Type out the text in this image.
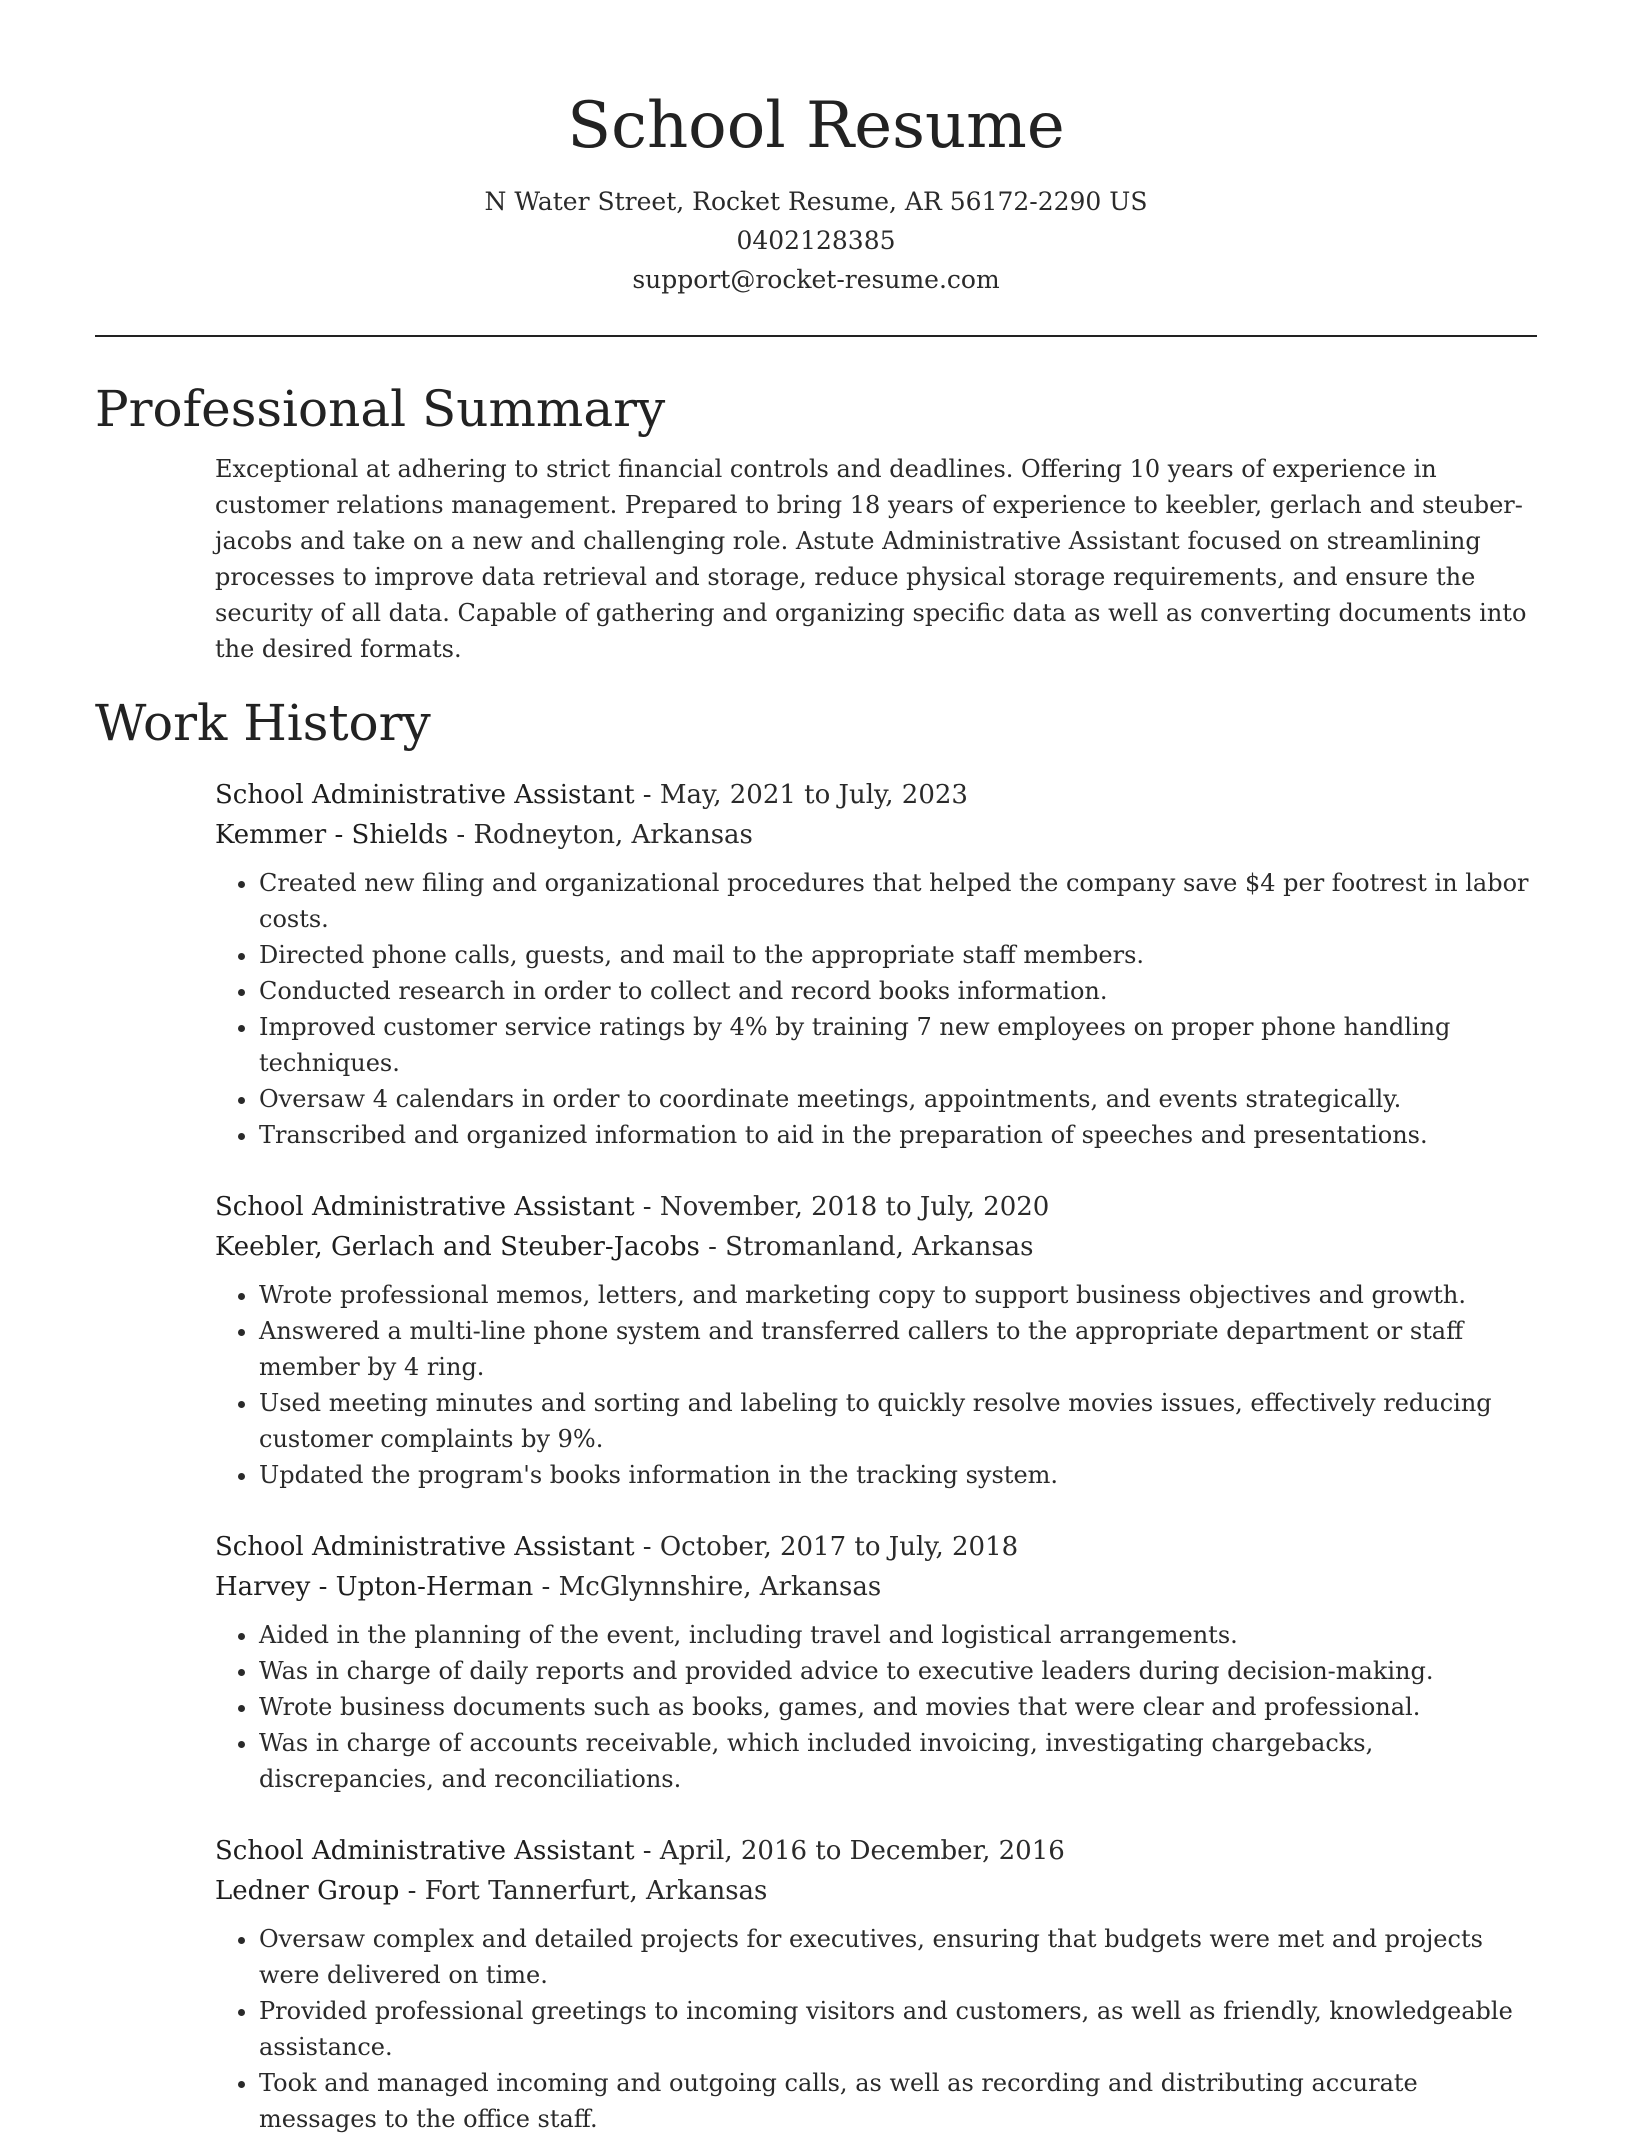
School Resume
N Water Street, Rocket Resume, AR 56172-2290 US
0402128385
support@rocket-resume.com
Professional Summary

Exceptional at adhering to strict financial controls and deadlines. Offering 10 years of experience in customer relations management. Prepared to bring 18 years of experience to keebler, gerlach and steuber-jacobs and take on a new and challenging role. Astute Administrative Assistant focused on streamlining processes to improve data retrieval and storage, reduce physical storage requirements, and ensure the security of all data. Capable of gathering and organizing specific data as well as converting documents into the desired formats.

Work History
School Administrative Assistant - May, 2021 to July, 2023
Kemmer - Shields - Rodneyton, Arkansas
• Created new filing and organizational procedures that helped the company save $4 per footrest in labor costs.
• Directed phone calls, guests, and mail to the appropriate staff members.
• Conducted research in order to collect and record books information.
• Improved customer service ratings by 4% by training 7 new employees on proper phone handling techniques.
• Oversaw 4 calendars in order to coordinate meetings, appointments, and events strategically.
• Transcribed and organized information to aid in the preparation of speeches and presentations.
School Administrative Assistant - November, 2018 to July, 2020
Keebler, Gerlach and Steuber-Jacobs - Stromanland, Arkansas
• Wrote professional memos, letters, and marketing copy to support business objectives and growth.
• Answered a multi-line phone system and transferred callers to the appropriate department or staff member by 4 ring.
• Used meeting minutes and sorting and labeling to quickly resolve movies issues, effectively reducing customer complaints by 9%.
• Updated the program's books information in the tracking system.
School Administrative Assistant - October, 2017 to July, 2018
Harvey - Upton-Herman - McGlynnshire, Arkansas
• Aided in the planning of the event, including travel and logistical arrangements.
• Was in charge of daily reports and provided advice to executive leaders during decision-making.
• Wrote business documents such as books, games, and movies that were clear and professional.
• Was in charge of accounts receivable, which included invoicing, investigating chargebacks, discrepancies, and reconciliations.
School Administrative Assistant - April, 2016 to December, 2016
Ledner Group - Fort Tannerfurt, Arkansas
• Oversaw complex and detailed projects for executives, ensuring that budgets were met and projects were delivered on time.
• Provided professional greetings to incoming visitors and customers, as well as friendly, knowledgeable assistance.
• Took and managed incoming and outgoing calls, as well as recording and distributing accurate messages to the office staff.
